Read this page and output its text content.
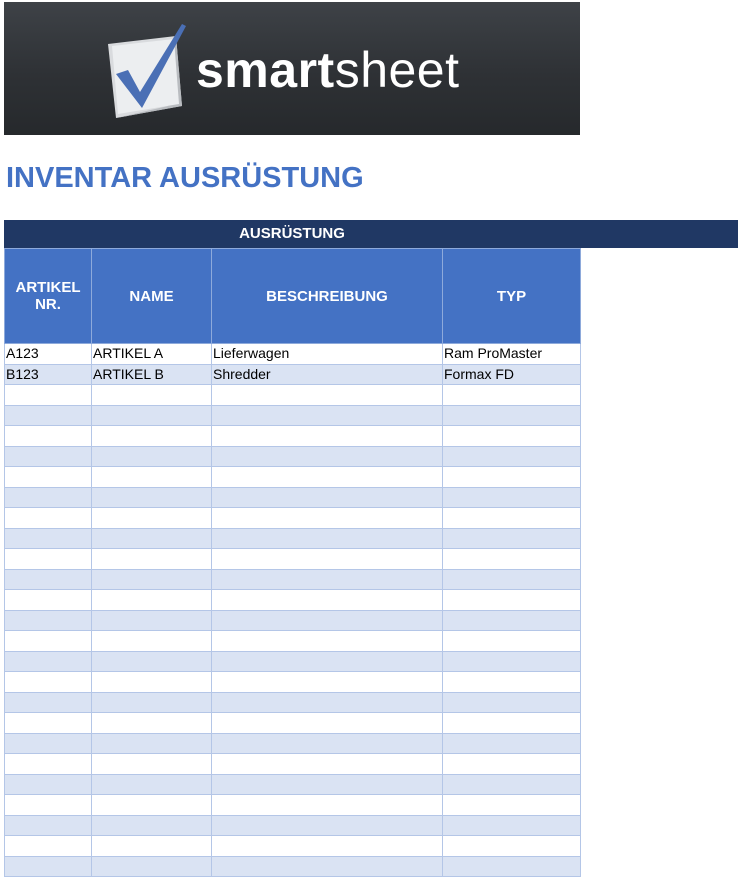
smartsheet
INVENTAR AUSRÜSTUNG
AUSRÜSTUNG
ARTIKEL NR.	NAME	BESCHREIBUNG	TYP
A123	ARTIKEL A	Lieferwagen	Ram ProMaster
B123	ARTIKEL B	Shredder	Formax FD
